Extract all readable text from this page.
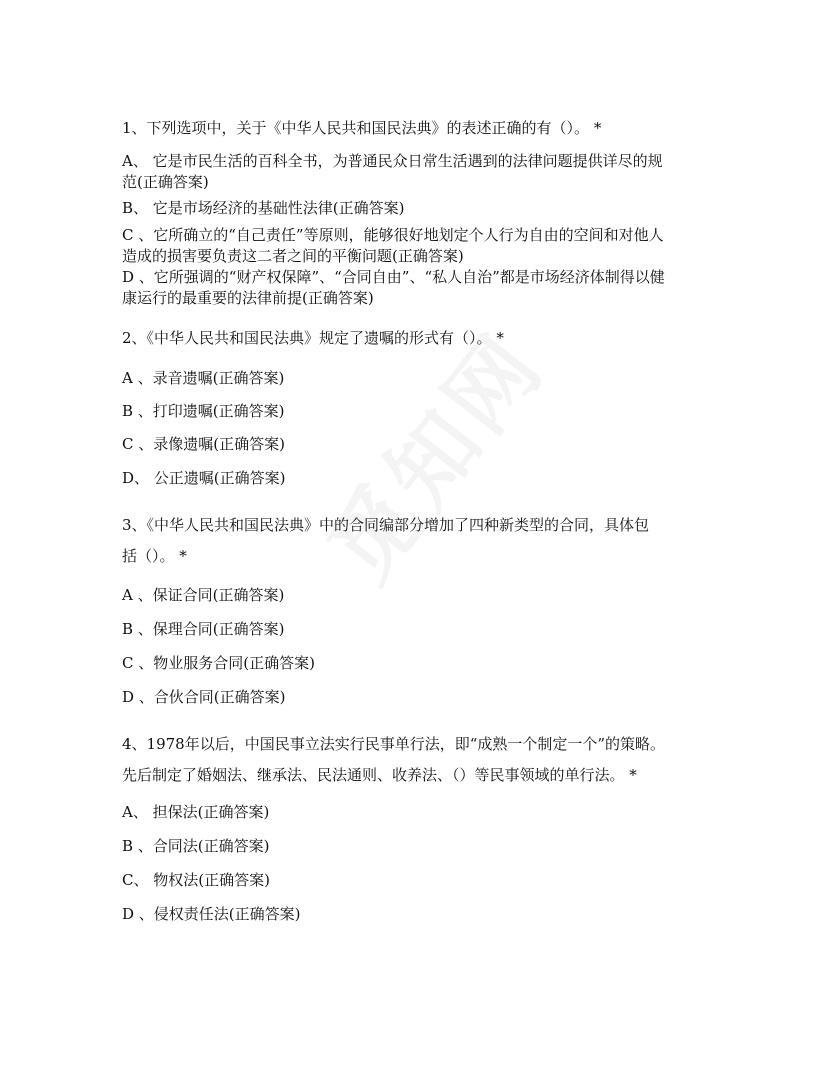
1、下列选项中，关于《中华人民共和国民法典》的表述正确的有（）。 *
A、 它是市民生活的百科全书，为普通民众日常生活遇到的法律问题提供详尽的规
范(正确答案)
B、 它是市场经济的基础性法律(正确答案)
C 、它所确立的“自己责任”等原则，能够很好地划定个人行为自由的空间和对他人
造成的损害要负责这二者之间的平衡问题(正确答案)
D 、它所强调的“财产权保障”、“合同自由”、“私人自治”都是市场经济体制得以健
康运行的最重要的法律前提(正确答案)
2、《中华人民共和国民法典》规定了遗嘱的形式有（）。 *
A 、录音遗嘱(正确答案)
B 、打印遗嘱(正确答案)
C 、录像遗嘱(正确答案)
D、 公正遗嘱(正确答案)
3、《中华人民共和国民法典》中的合同编部分增加了四种新类型的合同，具体包
括（）。 *
A 、保证合同(正确答案)
B 、保理合同(正确答案)
C 、物业服务合同(正确答案)
D 、合伙合同(正确答案)
4、1978年以后，中国民事立法实行民事单行法，即“成熟一个制定一个”的策略。
先后制定了婚姻法、继承法、民法通则、收养法、（）等民事领域的单行法。 *
A、 担保法(正确答案)
B 、合同法(正确答案)
C、 物权法(正确答案)
D 、侵权责任法(正确答案)
